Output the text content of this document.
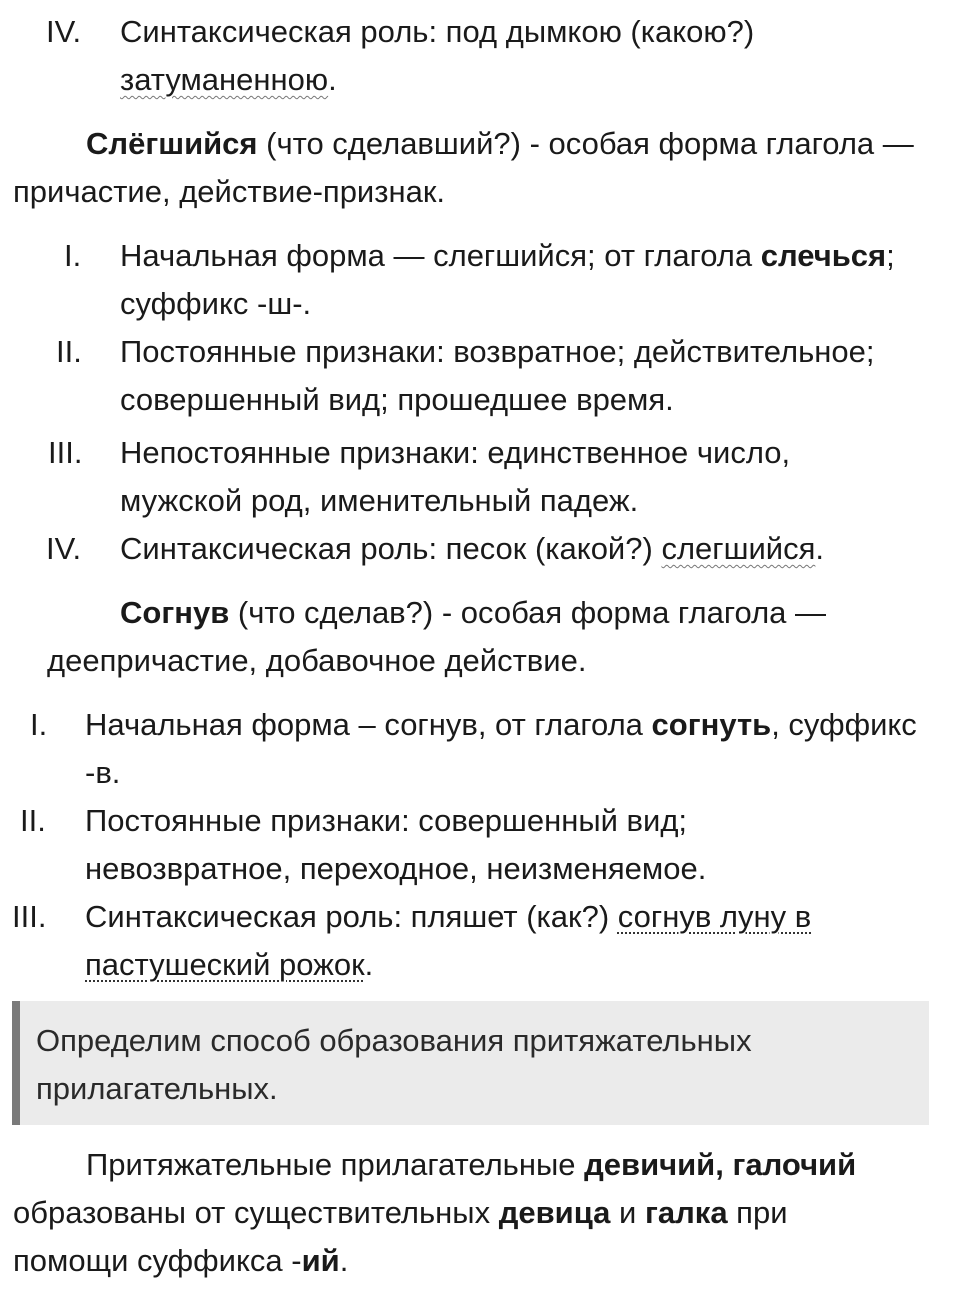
IV. Синтаксическая роль: под дымкою (какою?)
затуманенною.
Слёгшийся (что сделавший?) - особая форма глагола —
причастие, действие-признак.
I. Начальная форма — слегшийся; от глагола слечься;
суффикс -ш-.
II. Постоянные признаки: возвратное; действительное;
совершенный вид; прошедшее время.
III. Непостоянные признаки: единственное число,
мужской род, именительный падеж.
IV. Синтаксическая роль: песок (какой?) слегшийся.
Согнув (что сделав?) - особая форма глагола —
деепричастие, добавочное действие.
I. Начальная форма – согнув, от глагола согнуть, суффикс
-в.
II. Постоянные признаки: совершенный вид;
невозвратное, переходное, неизменяемое.
III. Синтаксическая роль: пляшет (как?) согнув луну в
пастушеский рожок.
Определим способ образования притяжательных
прилагательных.
Притяжательные прилагательные девичий, галочий
образованы от существительных девица и галка при
помощи суффикса -ий.
